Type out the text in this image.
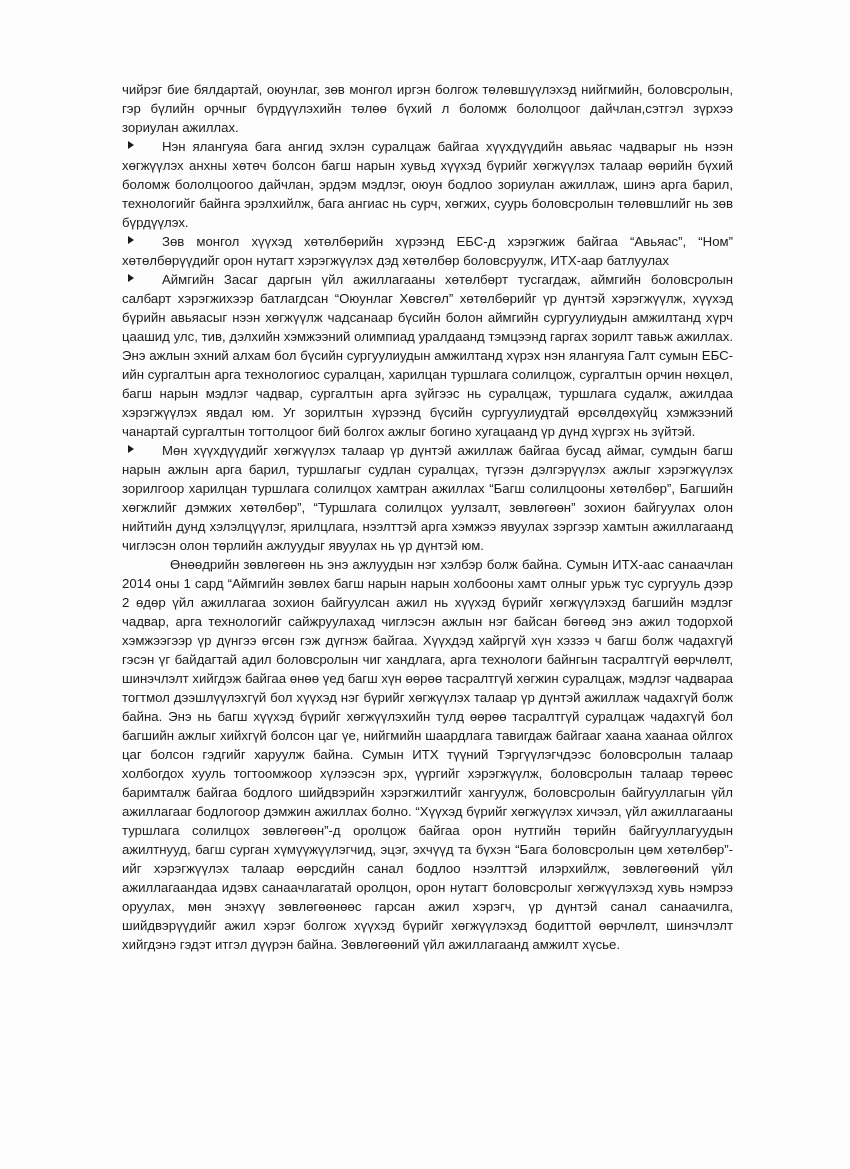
чийрэг бие бялдартай, оюунлаг, зөв монгол иргэн болгож төлөвшүүлэхэд нийгмийн, боловсролын, гэр бүлийн орчныг бүрдүүлэхийн төлөө бүхий л боломж бололцоог дайчлан,сэтгэл зүрхээ зориулан ажиллах.

Нэн ялангуяа бага ангид эхлэн суралцаж байгаа хүүхдүүдийн авьяас чадварыг нь нээн хөгжүүлэх анхны хөтөч болсон багш нарын хувьд хүүхэд бүрийг хөгжүүлэх талаар өөрийн бүхий боломж бололцоогоо дайчлан, эрдэм мэдлэг, оюун бодлоо зориулан ажиллаж, шинэ арга барил, технологийг байнга эрэлхийлж, бага ангиас нь сурч, хөгжих, суурь боловсролын төлөвшлийг нь зөв бүрдүүлэх.

Зөв монгол хүүхэд хөтөлбөрийн хүрээнд ЕБС-д хэрэгжиж байгаа “Авьяас”, “Ном” хөтөлбөрүүдийг орон нутагт хэрэгжүүлэх дэд хөтөлбөр боловсруулж, ИТХ-аар батлуулах

Аймгийн Засаг даргын үйл ажиллагааны хөтөлбөрт тусгагдаж, аймгийн боловсролын салбарт хэрэгжихээр батлагдсан “Оюунлаг Хөвсгөл” хөтөлбөрийг үр дүнтэй хэрэгжүүлж, хүүхэд бүрийн авьяасыг нээн хөгжүүлж чадсанаар бүсийн болон аймгийн сургуулиудын амжилтанд хүрч цаашид улс, тив, дэлхийн хэмжээний олимпиад уралдаанд тэмцээнд гаргах зорилт тавьж ажиллах. Энэ ажлын эхний алхам бол бүсийн сургуулиудын амжилтанд хүрэх нэн ялангуяа Галт сумын ЕБС-ийн сургалтын арга технологиос суралцан, харилцан туршлага солилцож, сургалтын орчин нөхцөл, багш нарын мэдлэг чадвар, сургалтын арга зүйгээс нь суралцаж, туршлага судалж, ажилдаа хэрэгжүүлэх явдал юм. Уг зорилтын хүрээнд бүсийн сургуулиудтай өрсөлдөхүйц хэмжээний чанартай сургалтын тогтолцоог бий болгох ажлыг богино хугацаанд үр дүнд хүргэх нь зүйтэй.

Мөн хүүхдүүдийг хөгжүүлэх талаар үр дүнтэй ажиллаж байгаа бусад аймаг, сумдын багш нарын ажлын арга барил, туршлагыг судлан суралцах, түгээн дэлгэрүүлэх ажлыг хэрэгжүүлэх зорилгоор харилцан туршлага солилцох хамтран ажиллах “Багш солилцооны хөтөлбөр”, Багшийн хөгжлийг дэмжих хөтөлбөр”, “Туршлага солилцох уулзалт, зөвлөгөөн” зохион байгуулах олон нийтийн дунд хэлэлцүүлэг, ярилцлага, нээлттэй арга хэмжээ явуулах зэргээр хамтын ажиллагаанд чиглэсэн олон төрлийн ажлуудыг явуулах нь үр дүнтэй юм.

Өнөөдрийн зөвлөгөөн нь энэ ажлуудын нэг хэлбэр болж байна. Сумын ИТХ-аас санаачлан 2014 оны 1 сард “Аймгийн зөвлөх багш нарын нарын холбооны хамт олныг урьж тус сургууль дээр 2 өдөр үйл ажиллагаа зохион байгуулсан ажил нь хүүхэд бүрийг хөгжүүлэхэд багшийн мэдлэг чадвар, арга технологийг сайжруулахад чиглэсэн ажлын нэг байсан бөгөөд энэ ажил тодорхой хэмжээгээр үр дүнгээ өгсөн гэж дүгнэж байгаа. Хүүхдэд хайргүй хүн хэзээ ч багш болж чадахгүй гэсэн үг байдагтай адил боловсролын чиг хандлага, арга технологи байнгын тасралтгүй өөрчлөлт, шинэчлэлт хийгдэж байгаа өнөө үед багш хүн өөрөө тасралтгүй хөгжин суралцаж, мэдлэг чадвараа тогтмол дээшлүүлэхгүй бол хүүхэд нэг бүрийг хөгжүүлэх талаар үр дүнтэй ажиллаж чадахгүй болж байна. Энэ нь багш хүүхэд бүрийг хөгжүүлэхийн тулд өөрөө тасралтгүй суралцаж чадахгүй бол багшийн ажлыг хийхгүй болсон цаг үе, нийгмийн шаардлага тавигдаж байгааг хаана хаанаа ойлгох цаг болсон гэдгийг харуулж байна. Сумын ИТХ түүний Тэргүүлэгчдээс боловсролын талаар холбогдох хууль тогтоомжоор хүлээсэн эрх, үүргийг хэрэгжүүлж, боловсролын талаар төрөөс баримталж байгаа бодлого шийдвэрийн хэрэгжилтийг хангуулж, боловсролын байгууллагын үйл ажиллагааг бодлогоор дэмжин ажиллах болно. “Хүүхэд бүрийг хөгжүүлэх хичээл, үйл ажиллагааны туршлага солилцох зөвлөгөөн”-д оролцож байгаа орон нутгийн төрийн байгууллагуудын ажилтнууд, багш сурган хүмүүжүүлэгчид, эцэг, эхчүүд та бүхэн “Бага боловсролын цөм хөтөлбөр”-ийг хэрэгжүүлэх талаар өөрсдийн санал бодлоо нээлттэй илэрхийлж, зөвлөгөөний үйл ажиллагаандаа идэвх санаачлагатай оролцон, орон нутагт боловсролыг хөгжүүлэхэд хувь нэмрээ оруулах, мөн энэхүү зөвлөгөөнөөс гарсан ажил хэрэгч, үр дүнтэй санал санаачилга, шийдвэрүүдийг ажил хэрэг болгож хүүхэд бүрийг хөгжүүлэхэд бодиттой өөрчлөлт, шинэчлэлт хийгдэнэ гэдэт итгэл дүүрэн байна. Зөвлөгөөний үйл ажиллагаанд амжилт хүсье.
